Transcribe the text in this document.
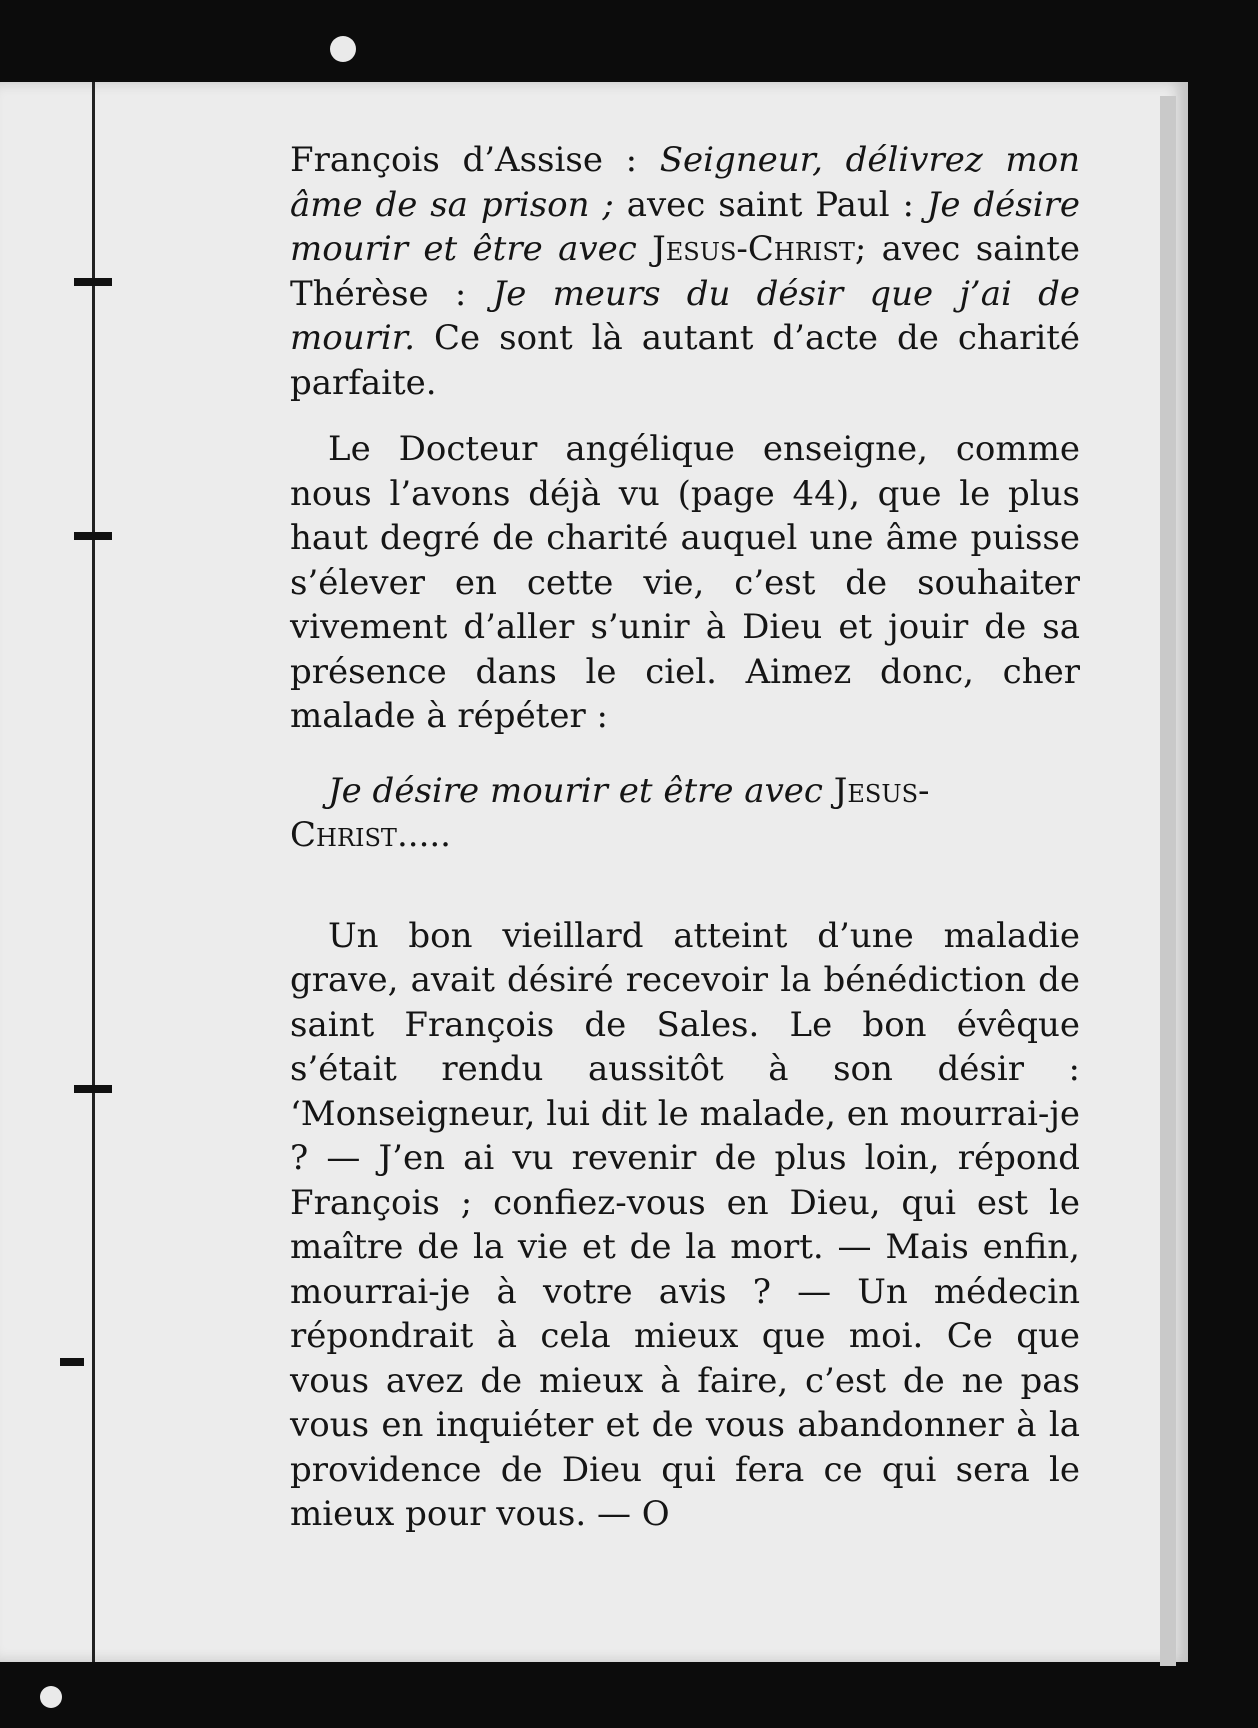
François d’Assise : Seigneur, délivrez mon âme de sa prison ; avec saint Paul : Je désire mourir et être avec Jesus-Christ; avec sainte Thérèse : Je meurs du désir que j’ai de mourir. Ce sont là autant d’acte de charité parfaite.

Le Docteur angélique enseigne, comme nous l’avons déjà vu (page 44), que le plus haut degré de charité auquel une âme puisse s’élever en cette vie, c’est de souhaiter vivement d’aller s’unir à Dieu et jouir de sa présence dans le ciel. Aimez donc, cher malade à répéter :

Je désire mourir et être avec Jesus-Christ.....

Un bon vieillard atteint d’une maladie grave, avait désiré recevoir la bénédiction de saint François de Sales. Le bon évêque s’était rendu aussitôt à son désir : ‘Monseigneur, lui dit le malade, en mourrai-je ? — J’en ai vu revenir de plus loin, répond François ; confiez-vous en Dieu, qui est le maître de la vie et de la mort. — Mais enfin, mourrai-je à votre avis ? — Un médecin répondrait à cela mieux que moi. Ce que vous avez de mieux à faire, c’est de ne pas vous en inquiéter et de vous abandonner à la providence de Dieu qui fera ce qui sera le mieux pour vous. — O
